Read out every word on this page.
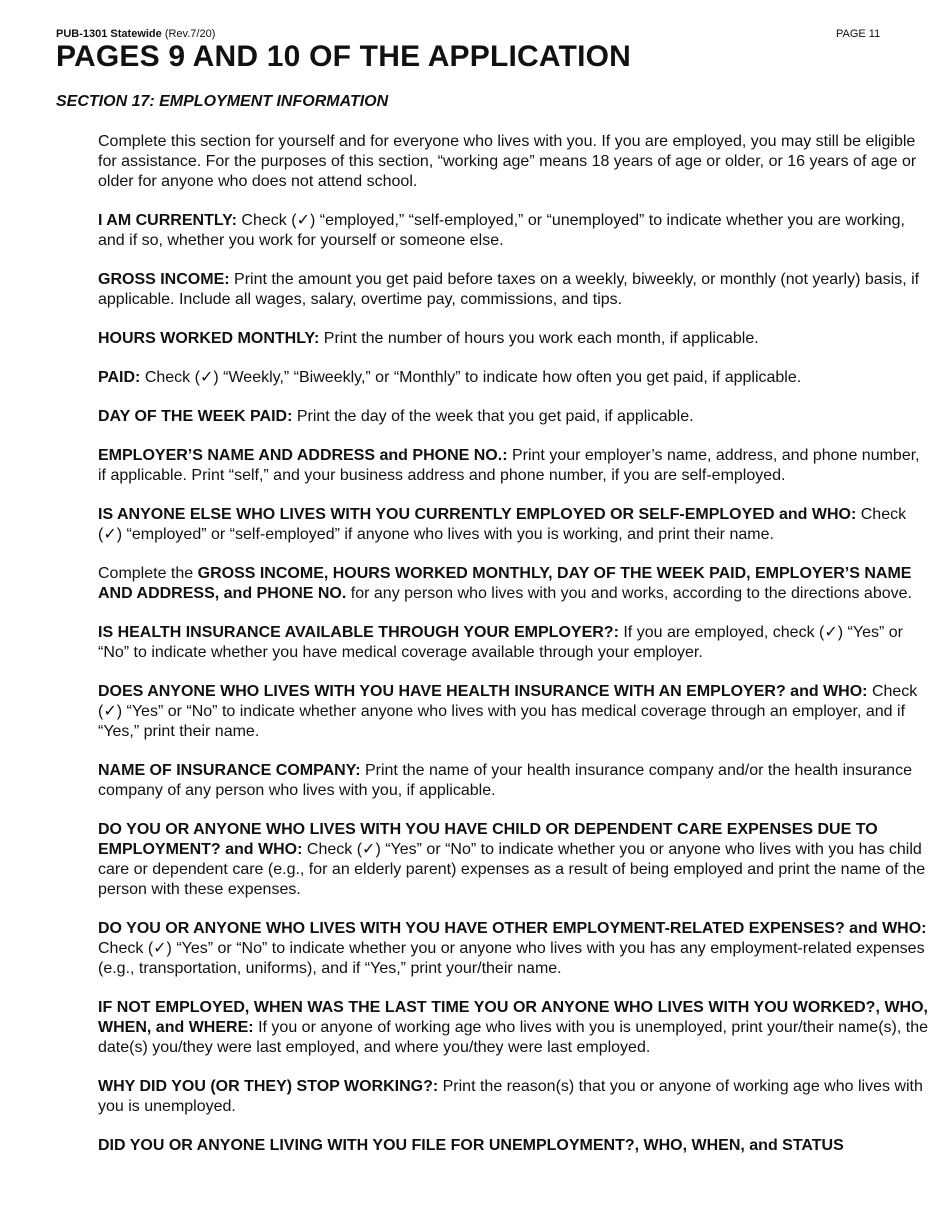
PUB-1301 Statewide (Rev.7/20)	PAGE 11
PAGES 9 AND 10 OF THE APPLICATION
SECTION 17: EMPLOYMENT INFORMATION

Complete this section for yourself and for everyone who lives with you. If you are employed, you may still be eligible for assistance. For the purposes of this section, “working age” means 18 years of age or older, or 16 years of age or older for anyone who does not attend school.

I AM CURRENTLY: Check (✓) “employed,” “self-employed,” or “unemployed” to indicate whether you are working, and if so, whether you work for yourself or someone else.

GROSS INCOME: Print the amount you get paid before taxes on a weekly, biweekly, or monthly (not yearly) basis, if applicable. Include all wages, salary, overtime pay, commissions, and tips.

HOURS WORKED MONTHLY: Print the number of hours you work each month, if applicable.

PAID: Check (✓) “Weekly,” “Biweekly,” or “Monthly” to indicate how often you get paid, if applicable.

DAY OF THE WEEK PAID: Print the day of the week that you get paid, if applicable.

EMPLOYER’S NAME AND ADDRESS and PHONE NO.: Print your employer’s name, address, and phone number, if applicable. Print “self,” and your business address and phone number, if you are self-employed.

IS ANYONE ELSE WHO LIVES WITH YOU CURRENTLY EMPLOYED OR SELF-EMPLOYED and WHO: Check (✓) “employed” or “self-employed” if anyone who lives with you is working, and print their name.

Complete the GROSS INCOME, HOURS WORKED MONTHLY, DAY OF THE WEEK PAID, EMPLOYER’S NAME AND ADDRESS, and PHONE NO. for any person who lives with you and works, according to the directions above.

IS HEALTH INSURANCE AVAILABLE THROUGH YOUR EMPLOYER?: If you are employed, check (✓) “Yes” or “No” to indicate whether you have medical coverage available through your employer.

DOES ANYONE WHO LIVES WITH YOU HAVE HEALTH INSURANCE WITH AN EMPLOYER? and WHO: Check (✓) “Yes” or “No” to indicate whether anyone who lives with you has medical coverage through an employer, and if “Yes,” print their name.

NAME OF INSURANCE COMPANY: Print the name of your health insurance company and/or the health insurance company of any person who lives with you, if applicable.

DO YOU OR ANYONE WHO LIVES WITH YOU HAVE CHILD OR DEPENDENT CARE EXPENSES DUE TO EMPLOYMENT? and WHO: Check (✓) “Yes” or “No” to indicate whether you or anyone who lives with you has child care or dependent care (e.g., for an elderly parent) expenses as a result of being employed and print the name of the person with these expenses.

DO YOU OR ANYONE WHO LIVES WITH YOU HAVE OTHER EMPLOYMENT-RELATED EXPENSES? and WHO: Check (✓) “Yes” or “No” to indicate whether you or anyone who lives with you has any employment-related expenses (e.g., transportation, uniforms), and if “Yes,” print your/their name.

IF NOT EMPLOYED, WHEN WAS THE LAST TIME YOU OR ANYONE WHO LIVES WITH YOU WORKED?, WHO, WHEN, and WHERE: If you or anyone of working age who lives with you is unemployed, print your/their name(s), the date(s) you/they were last employed, and where you/they were last employed.

WHY DID YOU (OR THEY) STOP WORKING?: Print the reason(s) that you or anyone of working age who lives with you is unemployed.

DID YOU OR ANYONE LIVING WITH YOU FILE FOR UNEMPLOYMENT?, WHO, WHEN, and STATUS
